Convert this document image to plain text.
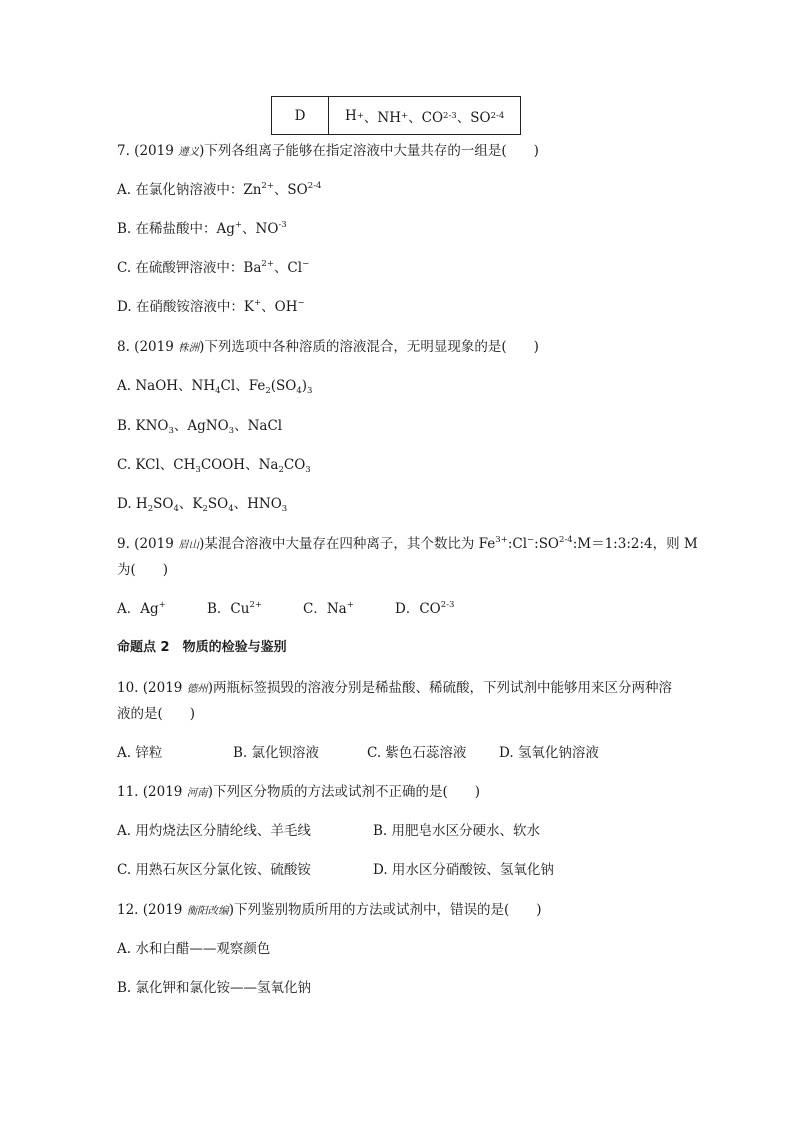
D	H + 、NH + 、CO 2-3 、SO 2-4
7. (2019 遵义)下列各组离子能够在指定溶液中大量共存的一组是(　　)
A. 在氯化钠溶液中：$Zn^{2+}$、SO$^{2-4}$
B. 在稀盐酸中：Ag+、$NO^{-3}$
C. 在硫酸钾溶液中：$Ba^{2+}$、Cl−
D. 在硝酸铵溶液中：K+、OH−
8. (2019 株洲)下列选项中各种溶质的溶液混合，无明显现象的是(　　)
A. NaOH、$NH_4Cl$、$Fe_2(SO_4)_3$
B. $KNO_3$、AgNO$_3$、NaCl
C. KCl、$CH_3COOH$、$Na_2CO_3$
D. $H_2SO_4$、$K_2SO_4$、$HNO_3$
9. (2019 眉山)某混合溶液中大量存在四种离子，其个数比为 $Fe^{3+}:Cl^-:SO^{2-4}:M=1:3:2:4$，则 M
为(　　)
A．Ag+	B．$Cu^{2+}$	C．Na+	D．CO$^{2-3}$
命题点 2　物质的检验与鉴别
10. (2019 德州)两瓶标签损毁的溶液分别是稀盐酸、稀硫酸，下列试剂中能够用来区分两种溶
液的是(　　)
A. 锌粒	B. 氯化钡溶液	C. 紫色石蕊溶液 D. 氢氧化钠溶液
11. (2019 河南)下列区分物质的方法或试剂不正确的是(　　)
A. 用灼烧法区分腈纶线、羊毛线	B. 用肥皂水区分硬水、软水
C. 用熟石灰区分氯化铵、硫酸铵	D. 用水区分硝酸铵、氢氧化钠
12. (2019 衡阳改编)下列鉴别物质所用的方法或试剂中，错误的是(　　)
A. 水和白醋——观察颜色
B. 氯化钾和氯化铵——氢氧化钠
